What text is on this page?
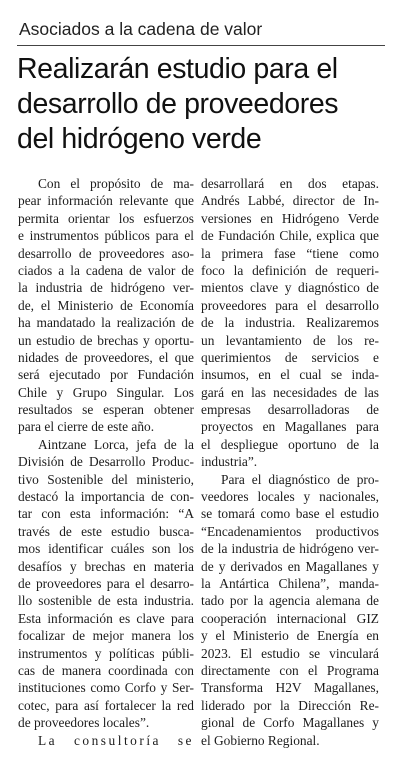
Asociados a la cadena de valor
Realizarán estudio para el
desarrollo de proveedores
del hidrógeno verde
Con el propósito de ma-
pear información relevante que
permita orientar los esfuerzos
e instrumentos públicos para el
desarrollo de proveedores aso-
ciados a la cadena de valor de
la industria de hidrógeno ver-
de, el Ministerio de Economía
ha mandatado la realización de
un estudio de brechas y oportu-
nidades de proveedores, el que
será ejecutado por Fundación
Chile y Grupo Singular. Los
resultados se esperan obtener
para el cierre de este año.
Aintzane Lorca, jefa de la
División de Desarrollo Produc-
tivo Sostenible del ministerio,
destacó la importancia de con-
tar con esta información: “A
través de este estudio busca-
mos identificar cuáles son los
desafíos y brechas en materia
de proveedores para el desarro-
llo sostenible de esta industria.
Esta información es clave para
focalizar de mejor manera los
instrumentos y políticas públi-
cas de manera coordinada con
instituciones como Corfo y Ser-
cotec, para así fortalecer la red
de proveedores locales”.
La consultoría se
desarrollará en dos etapas.
Andrés Labbé, director de In-
versiones en Hidrógeno Verde
de Fundación Chile, explica que
la primera fase “tiene como
foco la definición de requeri-
mientos clave y diagnóstico de
proveedores para el desarrollo
de la industria. Realizaremos
un levantamiento de los re-
querimientos de servicios e
insumos, en el cual se inda-
gará en las necesidades de las
empresas desarrolladoras de
proyectos en Magallanes para
el despliegue oportuno de la
industria”.
Para el diagnóstico de pro-
veedores locales y nacionales,
se tomará como base el estudio
“Encadenamientos productivos
de la industria de hidrógeno ver-
de y derivados en Magallanes y
la Antártica Chilena”, manda-
tado por la agencia alemana de
cooperación internacional GIZ
y el Ministerio de Energía en
2023. El estudio se vinculará
directamente con el Programa
Transforma H2V Magallanes,
liderado por la Dirección Re-
gional de Corfo Magallanes y
el Gobierno Regional.
